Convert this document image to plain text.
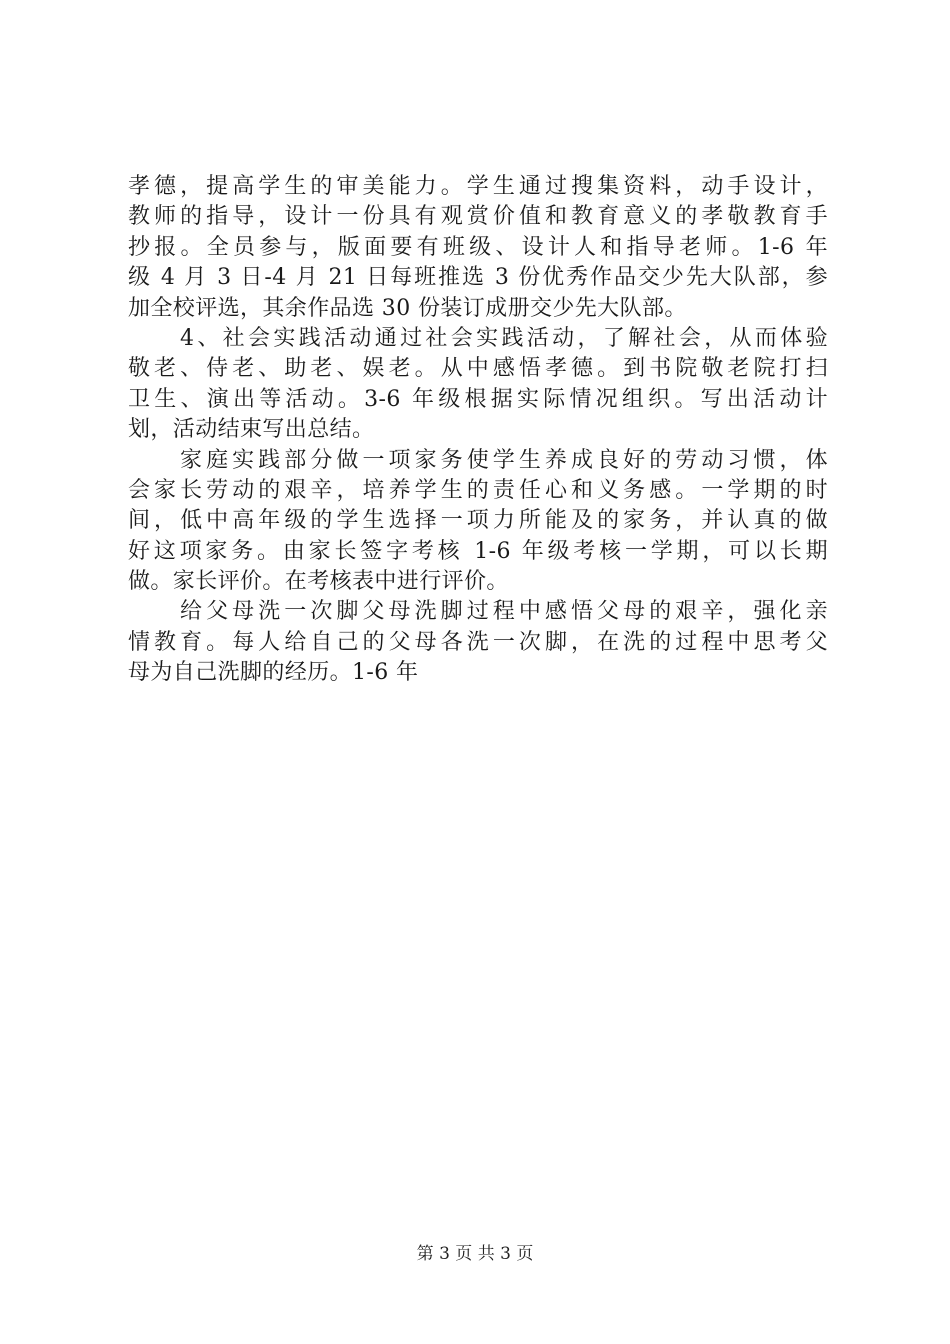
孝德，提高学生的审美能力。学生通过搜集资料，动手设计，
教师的指导，设计一份具有观赏价值和教育意义的孝敬教育手
抄报。全员参与，版面要有班级、设计人和指导老师。1-6 年
级 4 月 3 日-4 月 21 日每班推选 3 份优秀作品交少先大队部，参
加全校评选，其余作品选 30 份装订成册交少先大队部。
4、社会实践活动通过社会实践活动，了解社会，从而体验
敬老、侍老、助老、娱老。从中感悟孝德。到书院敬老院打扫
卫生、演出等活动。3-6 年级根据实际情况组织。写出活动计
划，活动结束写出总结。
家庭实践部分做一项家务使学生养成良好的劳动习惯，体
会家长劳动的艰辛，培养学生的责任心和义务感。一学期的时
间，低中高年级的学生选择一项力所能及的家务，并认真的做
好这项家务。由家长签字考核 1-6 年级考核一学期，可以长期
做。家长评价。在考核表中进行评价。
给父母洗一次脚父母洗脚过程中感悟父母的艰辛，强化亲
情教育。每人给自己的父母各洗一次脚，在洗的过程中思考父
母为自己洗脚的经历。1-6 年
第 3 页 共 3 页
